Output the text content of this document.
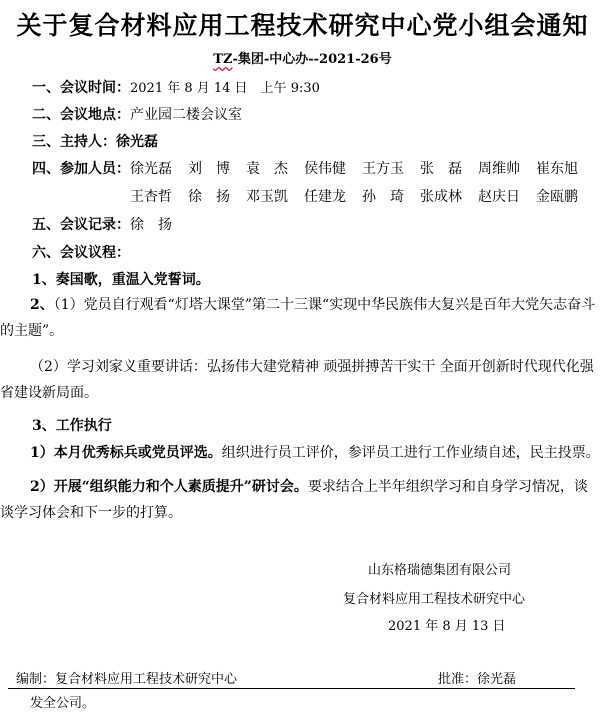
关于复合材料应用工程技术研究中心党小组会通知
TZ-集团-中心办--2021-26号
一、会议时间：2021 年 8 月 14 日　上午 9:30
二、会议地点：产业园二楼会议室
三、主持人：徐光磊
四、参加人员： 徐光磊	刘　博	袁　杰	侯伟健	王方玉	张　磊	周维帅	崔东旭
王杏哲	徐　扬	邓玉凯	任建龙	孙　琦	张成林	赵庆日	金瓯鹏
五、会议记录：徐　扬
六、会议议程：
1、奏国歌，重温入党誓词。
2、（1）党员自行观看“灯塔大课堂”第二十三课“实现中华民族伟大复兴是百年大党矢志奋斗的主题”。
（2）学习刘家义重要讲话：弘扬伟大建党精神 顽强拼搏苦干实干 全面开创新时代现代化强省建设新局面。
3、工作执行
1）本月优秀标兵或党员评选。组织进行员工评价，参评员工进行工作业绩自述，民主投票。
2）开展“组织能力和个人素质提升”研讨会。要求结合上半年组织学习和自身学习情况，谈谈学习体会和下一步的打算。
山东格瑞德集团有限公司
复合材料应用工程技术研究中心
2021 年 8 月 13 日
编制：复合材料应用工程技术研究中心	批准：徐光磊
发全公司。
